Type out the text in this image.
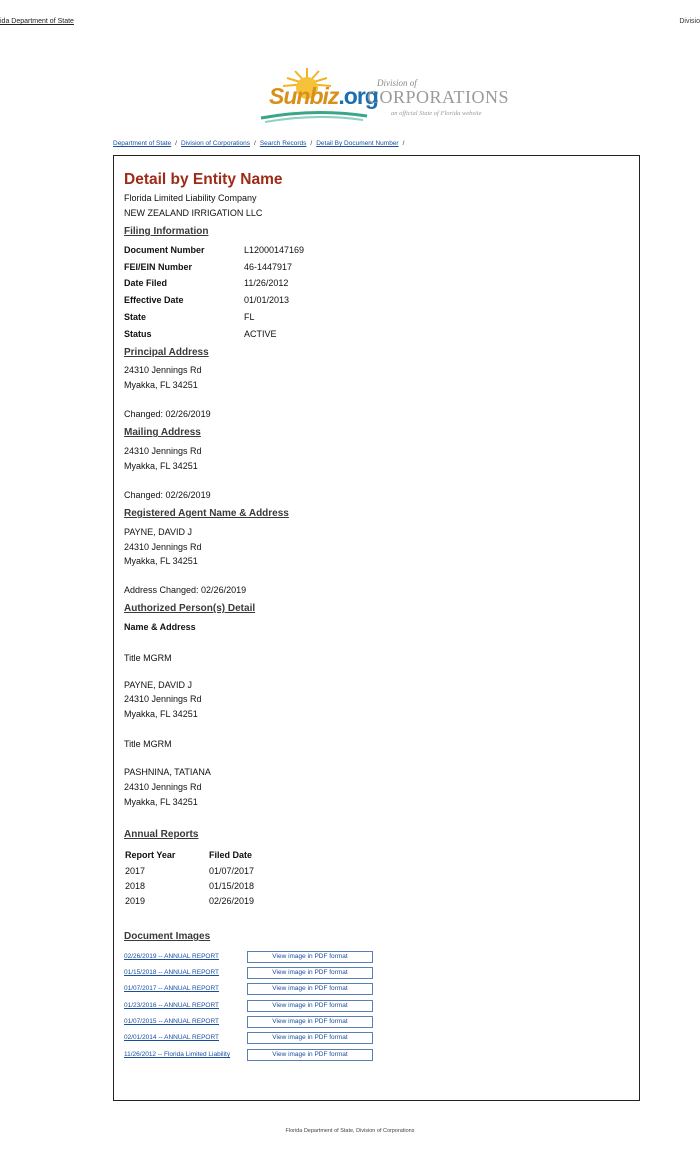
ida Department of State	Divisio
Sunbiz.org Division of
CORPORATIONS
an official State of Florida website
Department of State / Division of Corporations / Search Records / Detail By Document Number /
Detail by Entity Name
Florida Limited Liability Company
NEW ZEALAND IRRIGATION LLC
Filing Information
Document Number	L12000147169
FEI/EIN Number	46-1447917
Date Filed	11/26/2012
Effective Date	01/01/2013
State	FL
Status	ACTIVE
Principal Address
24310 Jennings Rd
Myakka, FL 34251
Changed: 02/26/2019
Mailing Address
24310 Jennings Rd
Myakka, FL 34251
Changed: 02/26/2019
Registered Agent Name & Address
PAYNE, DAVID J
24310 Jennings Rd
Myakka, FL 34251
Address Changed: 02/26/2019
Authorized Person(s) Detail
Name & Address
Title MGRM
PAYNE, DAVID J
24310 Jennings Rd
Myakka, FL 34251
Title MGRM
PASHNINA, TATIANA
24310 Jennings Rd
Myakka, FL 34251
Annual Reports
Report Year	Filed Date
2017	01/07/2017
2018	01/15/2018
2019	02/26/2019
Document Images
02/26/2019 -- ANNUAL REPORT	View image in PDF format
01/15/2018 -- ANNUAL REPORT	View image in PDF format
01/07/2017 -- ANNUAL REPORT	View image in PDF format
01/23/2016 -- ANNUAL REPORT	View image in PDF format
01/07/2015 -- ANNUAL REPORT	View image in PDF format
02/01/2014 -- ANNUAL REPORT	View image in PDF format
11/26/2012 -- Florida Limited Liability	View image in PDF format
Florida Department of State, Division of Corporations
